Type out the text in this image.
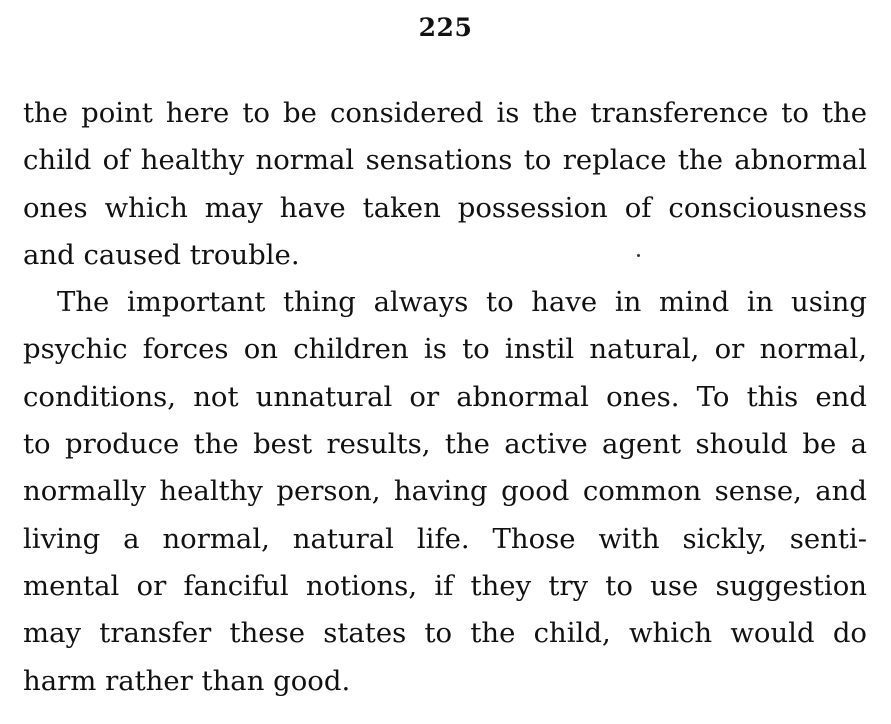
225
the point here to be considered is the transference to the
child of healthy normal sensations to replace the abnormal
ones which may have taken possession of consciousness
and caused trouble.
The important thing always to have in mind in using
psychic forces on children is to instil natural, or normal,
conditions, not unnatural or abnormal ones. To this end
to produce the best results, the active agent should be a
normally healthy person, having good common sense, and
living a normal, natural life. Those with sickly, senti-
mental or fanciful notions, if they try to use suggestion
may transfer these states to the child, which would do
harm rather than good.
